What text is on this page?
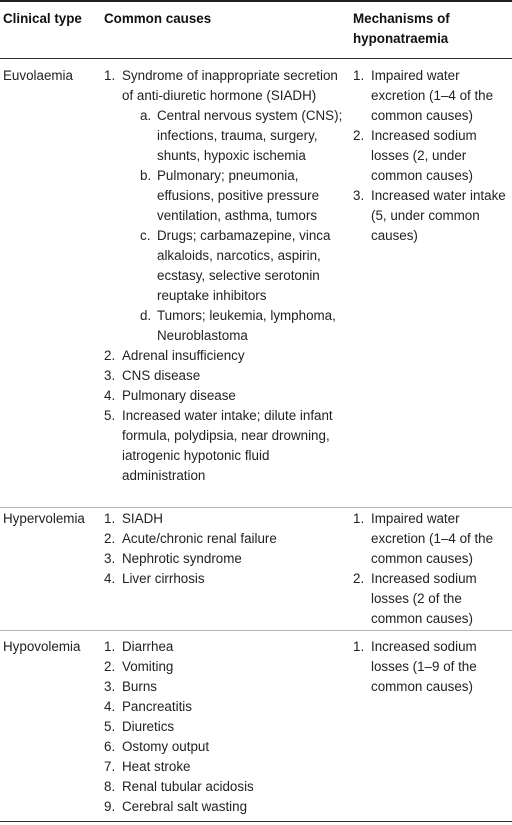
Clinical type Common causes	Mechanisms of hyponatraemia
Euvolaemia 1. Syndrome of inappropriate secretion of anti-diuretic hormone (SIADH)
a. Central nervous system (CNS); infections, trauma, surgery, shunts, hypoxic ischemia
b. Pulmonary; pneumonia, effusions, positive pressure ventilation, asthma, tumors
c. Drugs; carbamazepine, vinca alkaloids, narcotics, aspirin, ecstasy, selective serotonin reuptake inhibitors
d. Tumors; leukemia, lymphoma, Neuroblastoma
2. Adrenal insufficiency
3. CNS disease
4. Pulmonary disease
5. Increased water intake; dilute infant formula, polydipsia, near drowning, iatrogenic hypotonic fluid administration
1. Impaired water excretion (1–4 of the common causes)
2. Increased sodium losses (2, under common causes)
3. Increased water intake (5, under common causes)
Hypervolemia 1. SIADH
2. Acute/chronic renal failure
3. Nephrotic syndrome
4. Liver cirrhosis
1. Impaired water excretion (1–4 of the common causes)
2. Increased sodium losses (2 of the common causes)
Hypovolemia 1. Diarrhea
2. Vomiting
3. Burns
4. Pancreatitis
5. Diuretics
6. Ostomy output
7. Heat stroke
8. Renal tubular acidosis
9. Cerebral salt wasting
1. Increased sodium losses (1–9 of the common causes)
